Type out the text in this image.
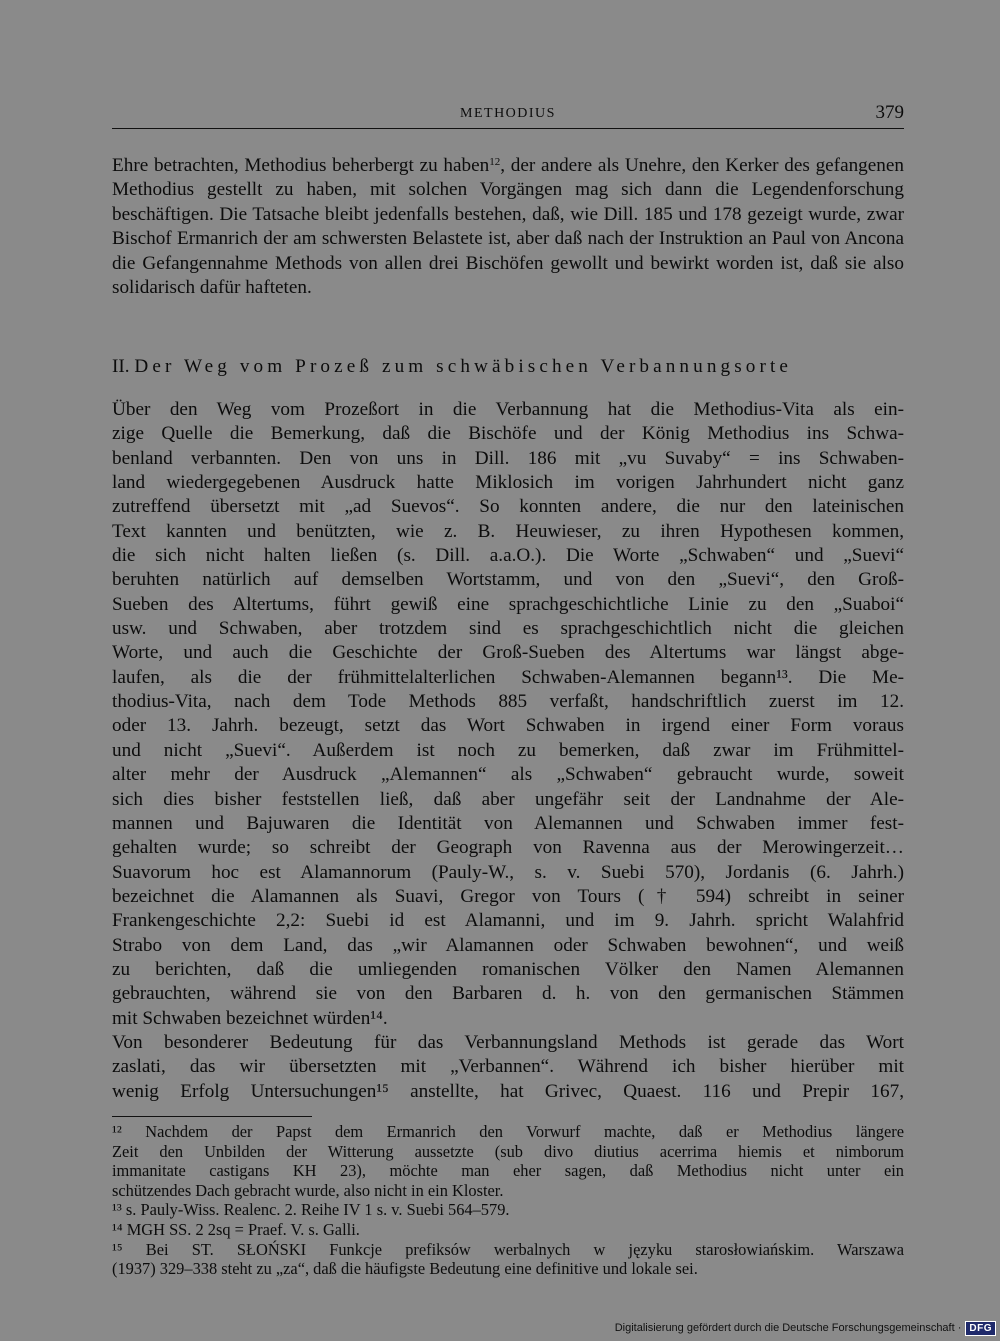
METHODIUS	379

Ehre betrachten, Methodius beherbergt zu haben$^{12}$, der andere als Unehre, den Kerker des gefangenen Methodius gestellt zu haben, mit solchen Vorgängen mag sich dann die Legendenforschung beschäftigen. Die Tatsache bleibt jedenfalls bestehen, daß, wie Dill. 185 und 178 gezeigt wurde, zwar Bischof Ermanrich der am schwersten Belastete ist, aber daß nach der Instruktion an Paul von Ancona die Gefangennahme Methods von allen drei Bischöfen gewollt und bewirkt worden ist, daß sie also solidarisch dafür hafteten.

II. Der Weg vom Prozeß zum schwäbischen Verbannungsorte
Über den Weg vom Prozeßort in die Verbannung hat die Methodius-Vita als ein-
zige Quelle die Bemerkung, daß die Bischöfe und der König Methodius ins Schwa-
benland verbannten. Den von uns in Dill. 186 mit „vu Suvaby“ = ins Schwaben-
land wiedergegebenen Ausdruck hatte Miklosich im vorigen Jahrhundert nicht ganz
zutreffend übersetzt mit „ad Suevos“. So konnten andere, die nur den lateinischen
Text kannten und benützten, wie z. B. Heuwieser, zu ihren Hypothesen kommen,
die sich nicht halten ließen (s. Dill. a.a.O.). Die Worte „Schwaben“ und „Suevi“
beruhten natürlich auf demselben Wortstamm, und von den „Suevi“, den Groß-
Sueben des Altertums, führt gewiß eine sprachgeschichtliche Linie zu den „Suaboi“
usw. und Schwaben, aber trotzdem sind es sprachgeschichtlich nicht die gleichen
Worte, und auch die Geschichte der Groß-Sueben des Altertums war längst abge-
laufen, als die der frühmittelalterlichen Schwaben-Alemannen begann¹³. Die Me-
thodius-Vita, nach dem Tode Methods 885 verfaßt, handschriftlich zuerst im 12.
oder 13. Jahrh. bezeugt, setzt das Wort Schwaben in irgend einer Form voraus
und nicht „Suevi“. Außerdem ist noch zu bemerken, daß zwar im Frühmittel-
alter mehr der Ausdruck „Alemannen“ als „Schwaben“ gebraucht wurde, soweit
sich dies bisher feststellen ließ, daß aber ungefähr seit der Landnahme der Ale-
mannen und Bajuwaren die Identität von Alemannen und Schwaben immer fest-
gehalten wurde; so schreibt der Geograph von Ravenna aus der Merowingerzeit…
Suavorum hoc est Alamannorum (Pauly-W., s. v. Suebi 570), Jordanis (6. Jahrh.)
bezeichnet die Alamannen als Suavi, Gregor von Tours († 594) schreibt in seiner
Frankengeschichte 2,2: Suebi id est Alamanni, und im 9. Jahrh. spricht Walahfrid
Strabo von dem Land, das „wir Alamannen oder Schwaben bewohnen“, und weiß
zu berichten, daß die umliegenden romanischen Völker den Namen Alemannen
gebrauchten, während sie von den Barbaren d. h. von den germanischen Stämmen
mit Schwaben bezeichnet würden¹⁴.
Von besonderer Bedeutung für das Verbannungsland Methods ist gerade das Wort
zaslati, das wir übersetzten mit „Verbannen“. Während ich bisher hierüber mit
wenig Erfolg Untersuchungen¹⁵ anstellte, hat Grivec, Quaest. 116 und Prepir 167,
¹² Nachdem der Papst dem Ermanrich den Vorwurf machte, daß er Methodius längere
Zeit den Unbilden der Witterung aussetzte (sub divo diutius acerrima hiemis et nimborum
immanitate castigans KH 23), möchte man eher sagen, daß Methodius nicht unter ein
schützendes Dach gebracht wurde, also nicht in ein Kloster.
¹³ s. Pauly-Wiss. Realenc. 2. Reihe IV 1 s. v. Suebi 564–579.
¹⁴ MGH SS. 2 2sq = Praef. V. s. Galli.
¹⁵ Bei ST. SŁOŃSKI Funkcje prefiksów werbalnych w języku starosłowiańskim. Warszawa
(1937) 329–338 steht zu „za“, daß die häufigste Bedeutung eine definitive und lokale sei.
Digitalisierung gefördert durch die Deutsche Forschungsgemeinschaft · DFG
